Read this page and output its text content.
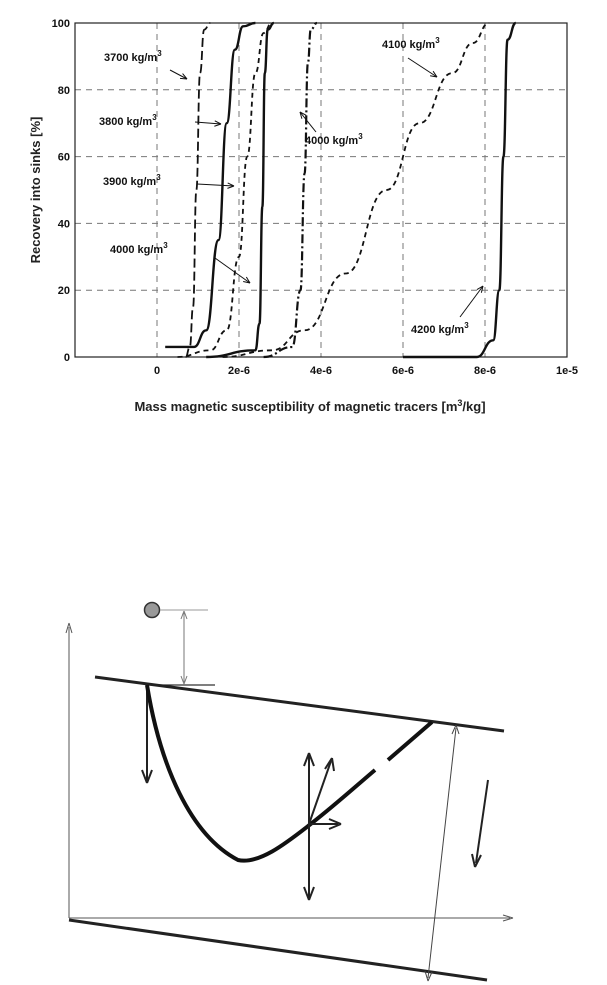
0	2e-6	4e-6	6e-6	8e-6	1e-5
0
20
40
60
80
100
3700 $kg/m^3$
3800 $kg/m^3$
3900 $kg/m^3$
4000 $kg/m^3$
4000 $kg/m^3$
4100 $kg/m^3$
4200 $kg/m^3$
Recovery into sinks [%]
Mass magnetic susceptibility of magnetic tracers $[m^3/kg]$
